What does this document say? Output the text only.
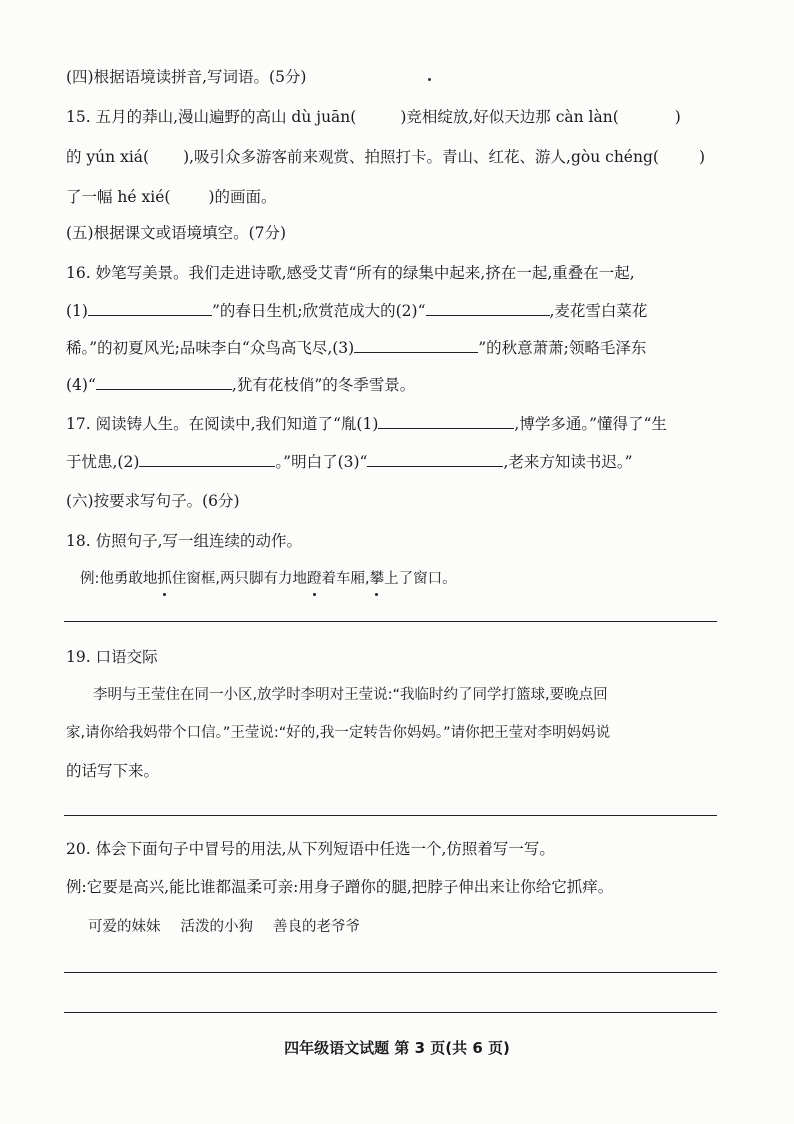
(四)根据语境读拼音,写词语。(5分)
15. 五月的莽山,漫山遍野的高山 dù juān(	)竞相绽放,好似天边那 càn làn(	)
的 yún xiá( ),吸引众多游客前来观赏、拍照打卡。青山、红花、游人,gòu chéng(	)
了一幅 hé xié( )的画面。
(五)根据课文或语境填空。(7分)
16. 妙笔写美景。我们走进诗歌,感受艾青“所有的绿集中起来,挤在一起,重叠在一起,
(1)	”的春日生机;欣赏范成大的(2)“	,麦花雪白菜花
稀。”的初夏风光;品味李白“众鸟高飞尽,(3)	”的秋意萧萧;领略毛泽东
(4)“	,犹有花枝俏”的冬季雪景。
17. 阅读铸人生。在阅读中,我们知道了“胤(1)	,博学多通。”懂得了“生
于忧患,(2)	。”明白了(3)“	,老来方知读书迟。”
(六)按要求写句子。(6分)
18. 仿照句子,写一组连续的动作。
例:他勇敢地抓住窗框,两只脚有力地蹬着车厢,攀上了窗口。
19. 口语交际
李明与王莹住在同一小区,放学时李明对王莹说:“我临时约了同学打篮球,要晚点回
家,请你给我妈带个口信。”王莹说:“好的,我一定转告你妈妈。”请你把王莹对李明妈妈说
的话写下来。
20. 体会下面句子中冒号的用法,从下列短语中任选一个,仿照着写一写。
例:它要是高兴,能比谁都温柔可亲:用身子蹭你的腿,把脖子伸出来让你给它抓痒。
可爱的妹妹 活泼的小狗 善良的老爷爷
四年级语文试题 第 3 页(共 6 页)
